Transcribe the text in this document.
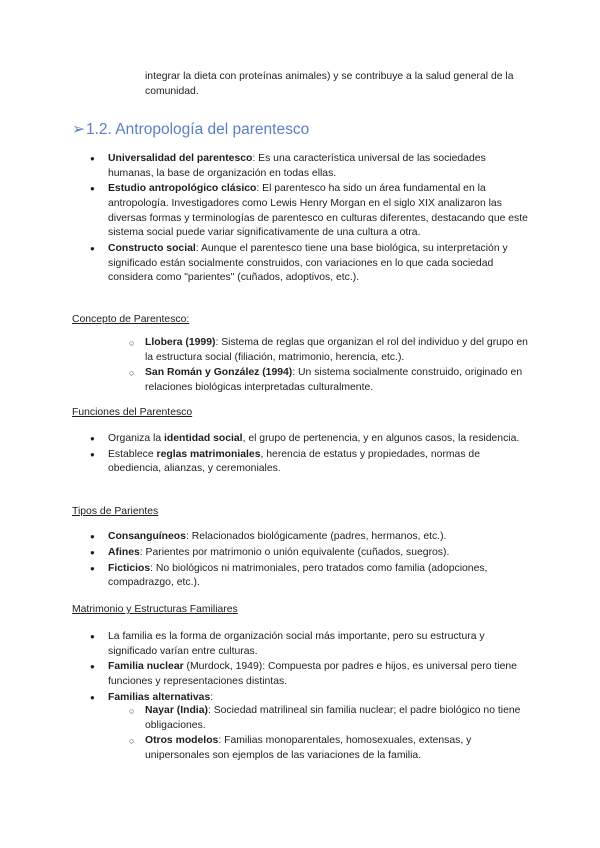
integrar la dieta con proteínas animales) y se contribuye a la salud general de la comunidad.
➢1.2. Antropología del parentesco
● Universalidad del parentesco: Es una característica universal de las sociedades humanas, la base de organización en todas ellas.
● Estudio antropológico clásico: El parentesco ha sido un área fundamental en la antropología. Investigadores como Lewis Henry Morgan en el siglo XIX analizaron las diversas formas y terminologías de parentesco en culturas diferentes, destacando que este sistema social puede variar significativamente de una cultura a otra.
● Constructo social: Aunque el parentesco tiene una base biológica, su interpretación y significado están socialmente construidos, con variaciones en lo que cada sociedad considera como "parientes" (cuñados, adoptivos, etc.).
Concepto de Parentesco:
○ Llobera (1999): Sistema de reglas que organizan el rol del individuo y del grupo en la estructura social (filiación, matrimonio, herencia, etc.).
○ San Román y González (1994): Un sistema socialmente construido, originado en relaciones biológicas interpretadas culturalmente.
Funciones del Parentesco
● Organiza la identidad social, el grupo de pertenencia, y en algunos casos, la residencia.
● Establece reglas matrimoniales, herencia de estatus y propiedades, normas de obediencia, alianzas, y ceremoniales.
Tipos de Parientes
● Consanguíneos: Relacionados biológicamente (padres, hermanos, etc.).
● Afines: Parientes por matrimonio o unión equivalente (cuñados, suegros).
● Ficticios: No biológicos ni matrimoniales, pero tratados como familia (adopciones, compadrazgo, etc.).
Matrimonio y Estructuras Familiares
● La familia es la forma de organización social más importante, pero su estructura y significado varían entre culturas.
● Familia nuclear (Murdock, 1949): Compuesta por padres e hijos, es universal pero tiene funciones y representaciones distintas.
● Familias alternativas:
○ Nayar (India): Sociedad matrilineal sin familia nuclear; el padre biológico no tiene obligaciones.
○ Otros modelos: Familias monoparentales, homosexuales, extensas, y unipersonales son ejemplos de las variaciones de la familia.
